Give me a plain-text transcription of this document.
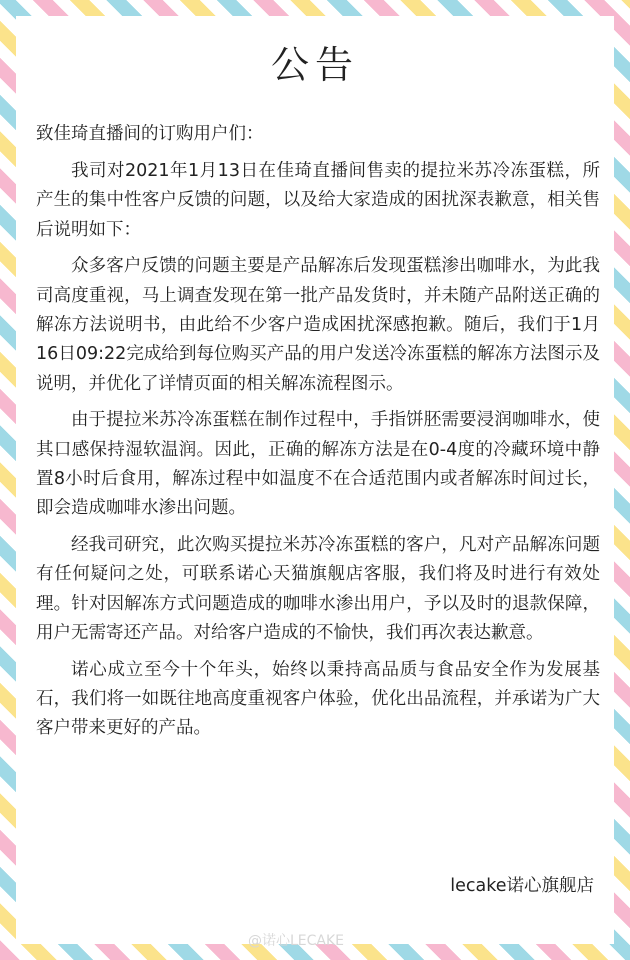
公告

致佳琦直播间的订购用户们：

我司对2021年1月13日在佳琦直播间售卖的提拉米苏冷冻蛋糕，所产生的集中性客户反馈的问题，以及给大家造成的困扰深表歉意，相关售后说明如下：

众多客户反馈的问题主要是产品解冻后发现蛋糕渗出咖啡水，为此我司高度重视，马上调查发现在第一批产品发货时，并未随产品附送正确的解冻方法说明书，由此给不少客户造成困扰深感抱歉。随后，我们于1月16日09:22完成给到每位购买产品的用户发送冷冻蛋糕的解冻方法图示及说明，并优化了详情页面的相关解冻流程图示。

由于提拉米苏冷冻蛋糕在制作过程中，手指饼胚需要浸润咖啡水，使其口感保持湿软温润。因此，正确的解冻方法是在0-4度的冷藏环境中静置8小时后食用，解冻过程中如温度不在合适范围内或者解冻时间过长，即会造成咖啡水渗出问题。

经我司研究，此次购买提拉米苏冷冻蛋糕的客户，凡对产品解冻问题有任何疑问之处，可联系诺心天猫旗舰店客服，我们将及时进行有效处理。针对因解冻方式问题造成的咖啡水渗出用户，予以及时的退款保障，用户无需寄还产品。对给客户造成的不愉快，我们再次表达歉意。

诺心成立至今十个年头，始终以秉持高品质与食品安全作为发展基石，我们将一如既往地高度重视客户体验，优化出品流程，并承诺为广大客户带来更好的产品。

lecake诺心旗舰店

@诺心LECAKE
